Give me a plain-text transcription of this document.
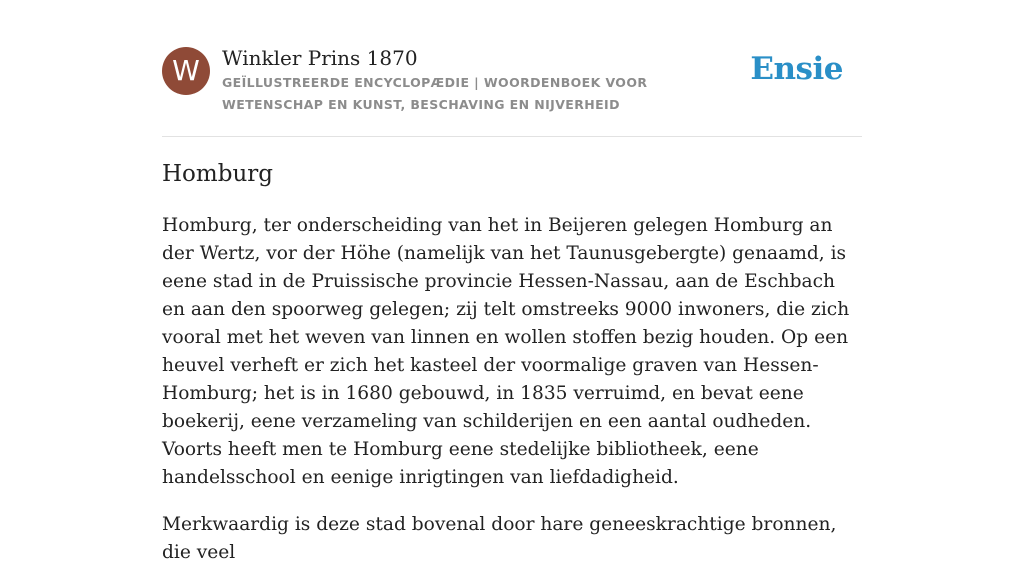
W	Winkler Prins 1870
GEÏLLUSTREERDE ENCYCLOPÆDIE | WOORDENBOEK VOOR WETENSCHAP EN KUNST, BESCHAVING EN NIJVERHEID
Ensie
Homburg

Homburg, ter onderscheiding van het in Beijeren gelegen Homburg an der Wertz, vor der Höhe (namelijk van het Taunusgebergte) genaamd, is eene stad in de Pruissische provincie Hessen-Nassau, aan de Eschbach en aan den spoorweg gelegen; zij telt omstreeks 9000 inwoners, die zich vooral met het weven van linnen en wollen stoffen bezig houden. Op een heuvel verheft er zich het kasteel der voormalige graven van Hessen-Homburg; het is in 1680 gebouwd, in 1835 verruimd, en bevat eene boekerij, eene verzameling van schilderijen en een aantal oudheden. Voorts heeft men te Homburg eene stedelijke bibliotheek, eene handelsschool en eenige inrigtingen van liefdadigheid.

Merkwaardig is deze stad bovenal door hare geneeskrachtige bronnen, die veel
